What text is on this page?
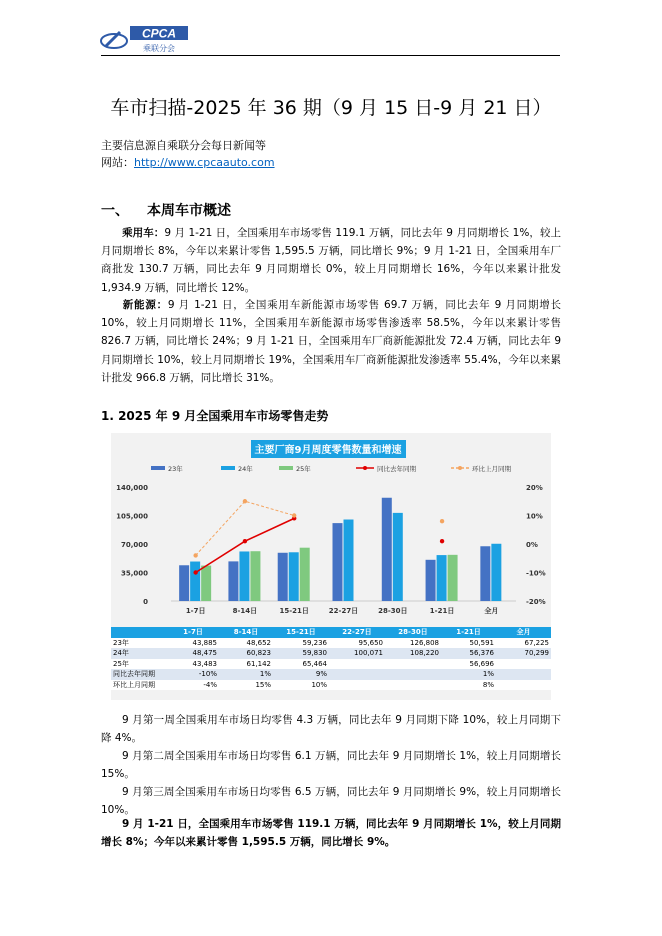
CPCA
乘联分会
车市扫描-2025 年 36 期（9 月 15 日-9 月 21 日）
主要信息源自乘联分会每日新闻等
网站：http://www.cpcaauto.com
一、 本周车市概述
乘用车：9 月 1-21 日，全国乘用车市场零售 119.1 万辆，同比去年 9 月同期增长 1%，较上月同期增长 8%，今年以来累计零售 1,595.5 万辆，同比增长 9%；9 月 1-21 日，全国乘用车厂商批发 130.7 万辆，同比去年 9 月同期增长 0%，较上月同期增长 16%，今年以来累计批发 1,934.9 万辆，同比增长 12%。
新能源：9 月 1-21 日，全国乘用车新能源市场零售 69.7 万辆，同比去年 9 月同期增长 10%，较上月同期增长 11%，全国乘用车新能源市场零售渗透率 58.5%，今年以来累计零售 826.7 万辆，同比增长 24%；9 月 1-21 日，全国乘用车厂商新能源批发 72.4 万辆，同比去年 9 月同期增长 10%，较上月同期增长 19%，全国乘用车厂商新能源批发渗透率 55.4%，今年以来累计批发 966.8 万辆，同比增长 31%。
1. 2025 年 9 月全国乘用车市场零售走势
主要厂商9月周度零售数量和增速
23年	24年	25年	同比去年同期	环比上月同期
0
35,000
70,000
105,000
140,000
-20%
-10%
0%
10%
20%
1-7日	8-14日	15-21日	22-27日	28-30日	1-21日	全月
	1-7日	8-14日	15-21日	22-27日	28-30日	1-21日	全月
23年	43,885	48,652	59,236	95,650	126,808	50,591	67,225
24年	48,475	60,823	59,830	100,071	108,220	56,376	70,299
25年	43,483	61,142	65,464			56,696	
同比去年同期	-10%	1%	9%			1%	
环比上月同期	-4%	15%	10%			8%	
9 月第一周全国乘用车市场日均零售 4.3 万辆，同比去年 9 月同期下降 10%，较上月同期下降 4%。
9 月第二周全国乘用车市场日均零售 6.1 万辆，同比去年 9 月同期增长 1%，较上月同期增长 15%。
9 月第三周全国乘用车市场日均零售 6.5 万辆，同比去年 9 月同期增长 9%，较上月同期增长 10%。
9 月 1-21 日，全国乘用车市场零售 119.1 万辆，同比去年 9 月同期增长 1%，较上月同期增长 8%；今年以来累计零售 1,595.5 万辆，同比增长 9%。
